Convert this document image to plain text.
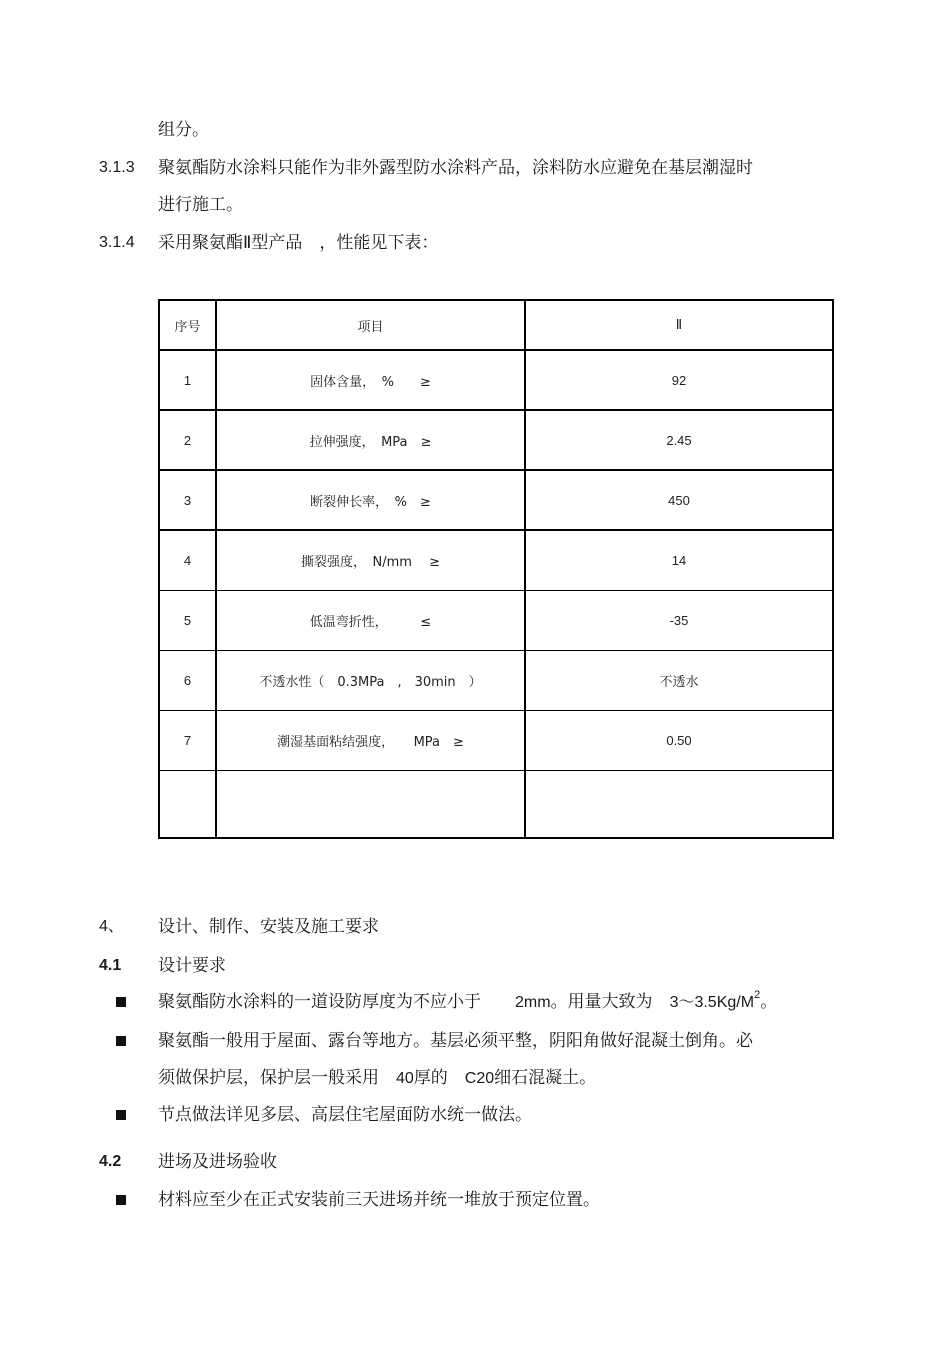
组分。
3.1.3 聚氨酯防水涂料只能作为非外露型防水涂料产品，涂料防水应避免在基层潮湿时
进行施工。
3.1.4 采用聚氨酯Ⅱ型产品　，性能见下表：
序号	项目	Ⅱ
1	固体含量，　%　　≥	92
2	拉伸强度，　MPa　≥	2.45
3	断裂伸长率，　%　≥	450
4	撕裂强度，　N/mm　 ≥	14
5	低温弯折性，　　　≤	-35
6	不透水性（　0.3MPa　,　30min　）	不透水
7	潮湿基面粘结强度，　　MPa　≥	0.50

4、 设计、制作、安装及施工要求
4.1 设计要求
聚氨酯防水涂料的一道设防厚度为不应小于　　2mm。用量大致为　$3\sim 3.5Kg/M^2$。
聚氨酯一般用于屋面、露台等地方。基层必须平整，阴阳角做好混凝土倒角。必
须做保护层，保护层一般采用　40厚的　C20细石混凝土。
节点做法详见多层、高层住宅屋面防水统一做法。
4.2 进场及进场验收
材料应至少在正式安装前三天进场并统一堆放于预定位置。
